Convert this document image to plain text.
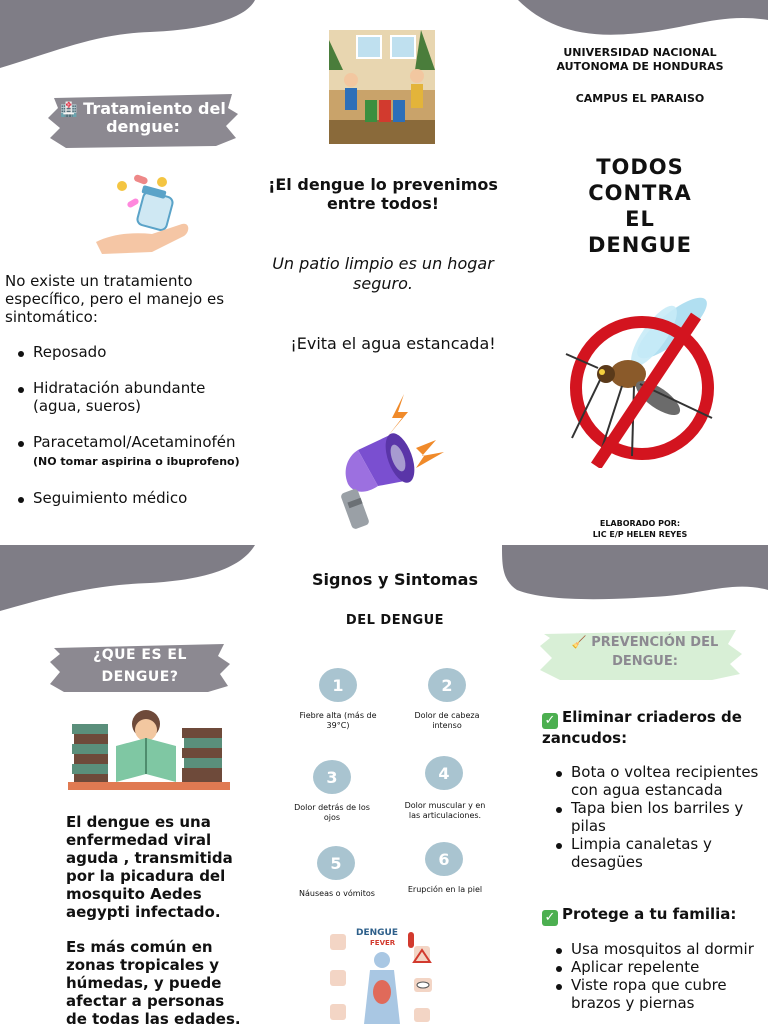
🏥 Tratamiento del dengue:
No existe un tratamiento específico, pero el manejo es sintomático:
Reposado
Hidratación abundante (agua, sueros)
Paracetamol/Acetaminofén
(NO tomar aspirina o ibuprofeno)
Seguimiento médico
¡El dengue lo prevenimos entre todos!
Un patio limpio es un hogar seguro.
¡Evita el agua estancada!
UNIVERSIDAD NACIONAL AUTONOMA DE HONDURAS
CAMPUS EL PARAISO
TODOS
CONTRA
EL
DENGUE
ELABORADO POR:
LIC E/P HELEN REYES
¿QUE ES EL DENGUE?
El dengue es una enfermedad viral aguda , transmitida por la picadura del mosquito Aedes aegypti infectado.
Es más común en zonas tropicales y húmedas, y puede afectar a personas de todas las edades.
Signos y Sintomas
DEL DENGUE
1
Fiebre alta (más de 39°C)
2
Dolor de cabeza intenso
3
Dolor detrás de los ojos
4
Dolor muscular y en las articulaciones.
5
Náuseas o vómitos
6
Erupción en la piel
DENGUE
FEVER
🧹 PREVENCIÓN DEL DENGUE:
✓ Eliminar criaderos de zancudos:
Bota o voltea recipientes con agua estancada
Tapa bien los barriles y pilas
Limpia canaletas y desagües
✓ Protege a tu familia:
Usa mosquitos al dormir
Aplicar repelente
Viste ropa que cubre brazos y piernas
